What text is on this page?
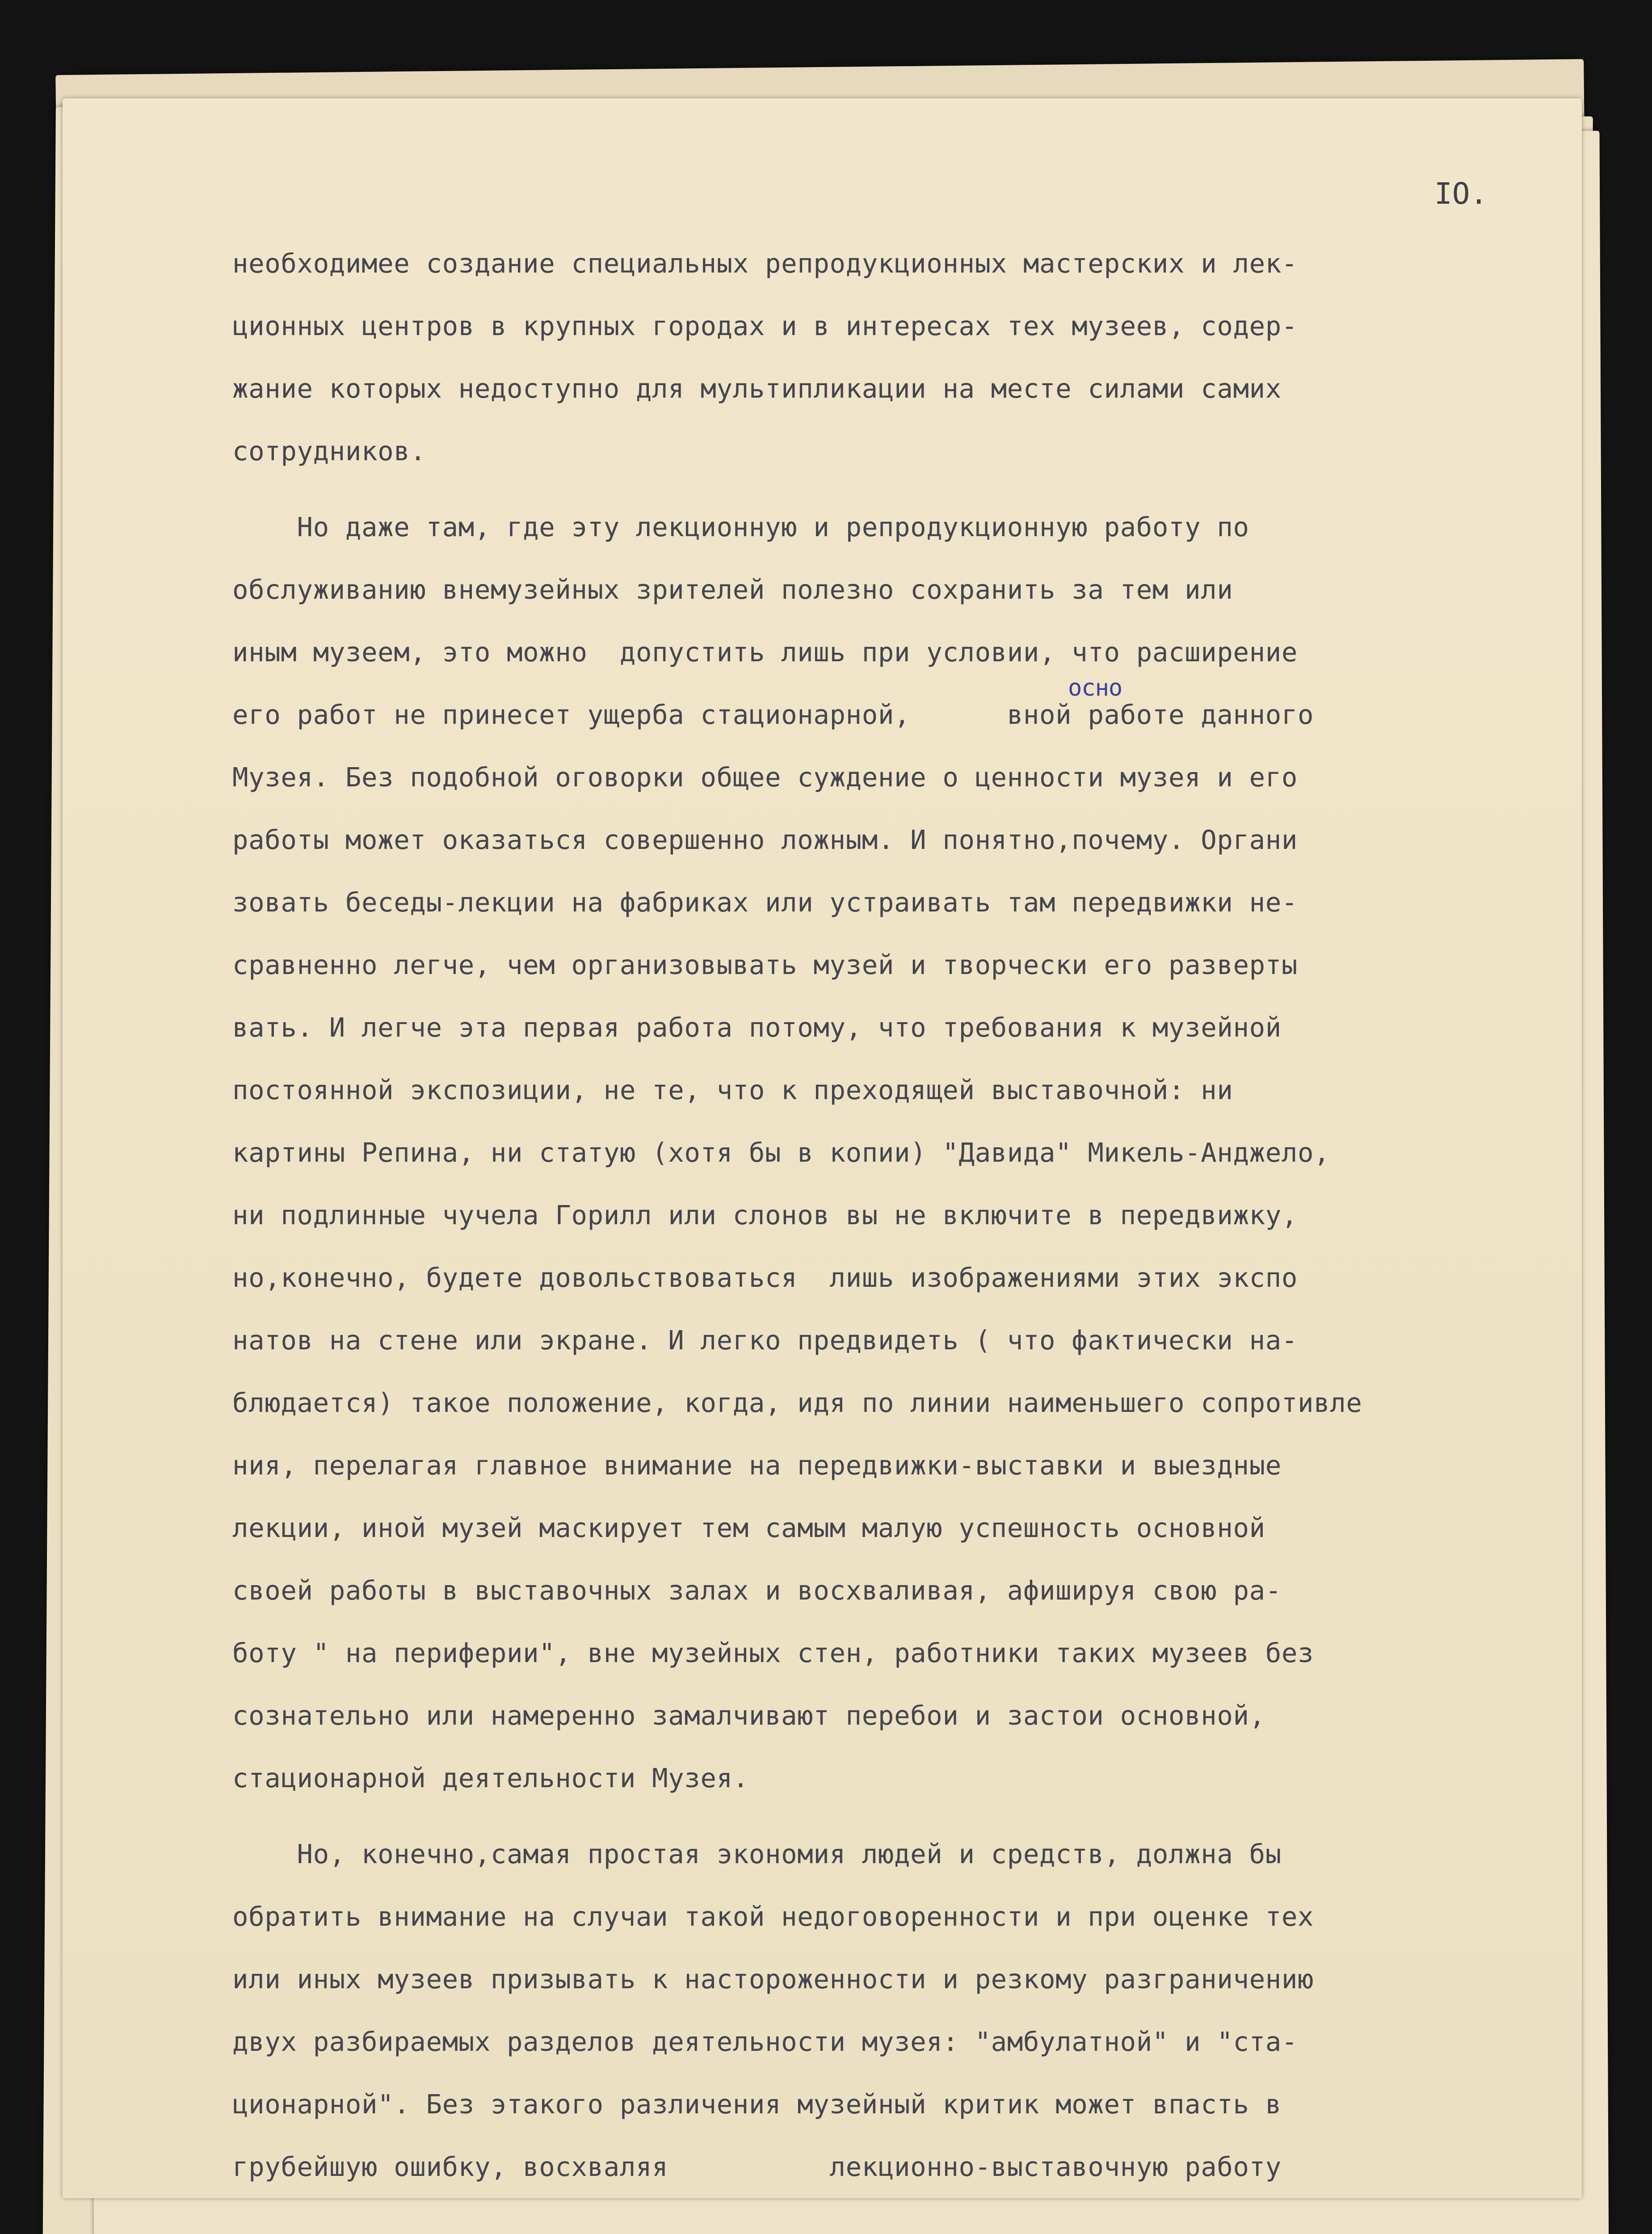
IO.
необходимее создание специальных репродукционных мастерских и лек-
ционных центров в крупных городах и в интересах тех музеев, содер-
жание которых недоступно для мультипликации на месте силами самих
сотрудников.
Но даже там, где эту лекционную и репродукционную работу по
обслуживанию внемузейных зрителей полезно сохранить за тем или
иным музеем, это можно  допустить лишь при условии, что расширение
его работ не принесет ущерба стационарной,      вной работе данного
Музея. Без подобной оговорки общее суждение о ценности музея и его
работы может оказаться совершенно ложным. И понятно,почему. Органи
зовать беседы-лекции на фабриках или устраивать там передвижки не-
сравненно легче, чем организовывать музей и творчески его разверты
вать. И легче эта первая работа потому, что требования к музейной
постоянной экспозиции, не те, что к преходящей выставочной: ни
картины Репина, ни статую (хотя бы в копии) "Давида" Микель-Анджело,
ни подлинные чучела Горилл или слонов вы не включите в передвижку,
но,конечно, будете довольствоваться  лишь изображениями этих экспо
натов на стене или экране. И легко предвидеть ( что фактически на-
блюдается) такое положение, когда, идя по линии наименьшего сопротивле
ния, перелагая главное внимание на передвижки-выставки и выездные
лекции, иной музей маскирует тем самым малую успешность основной
своей работы в выставочных залах и восхваливая, афишируя свою ра-
боту " на периферии", вне музейных стен, работники таких музеев без
сознательно или намеренно замалчивают перебои и застои основной,
стационарной деятельности Музея.
Но, конечно,самая простая экономия людей и средств, должна бы
обратить внимание на случаи такой недоговоренности и при оценке тех
или иных музеев призывать к настороженности и резкому разграничению
двух разбираемых разделов деятельности музея: "амбулатной" и "ста-
ционарной". Без этакого различения музейный критик может впасть в
грубейшую ошибку, восхваляя          лекционно-выставочную работу
осно
